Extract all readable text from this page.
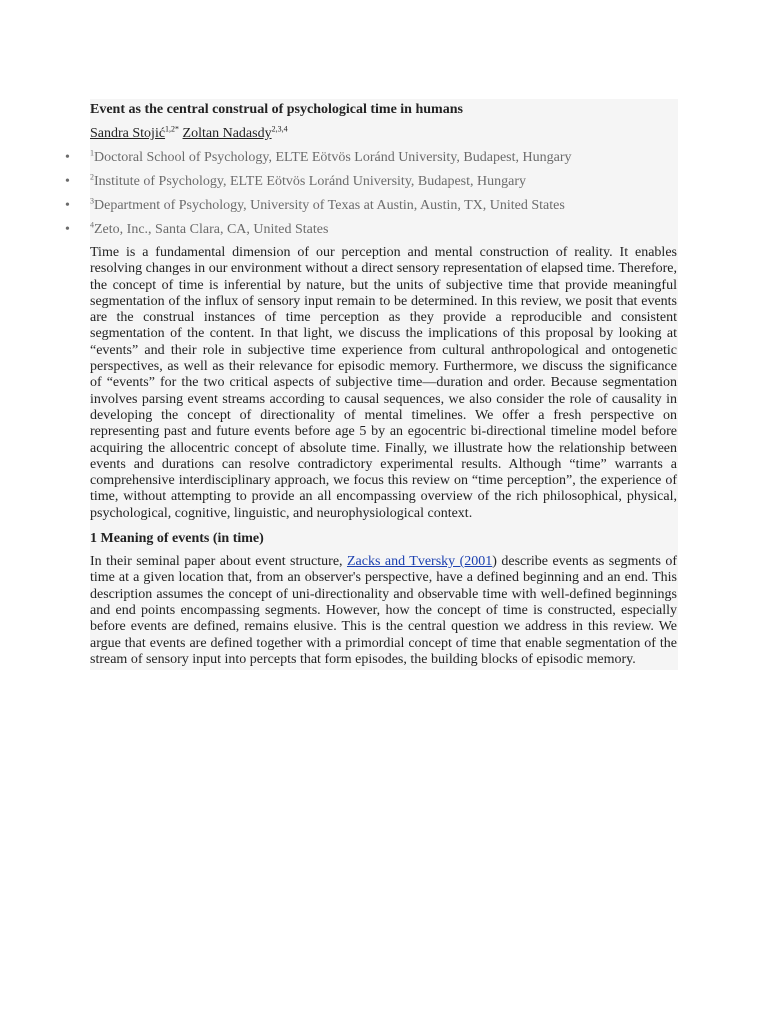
Event as the central construal of psychological time in humans
Sandra Stojić$^{1,2*}$ Zoltan Nadasdy$^{2,3,4}$
•	$^1$Doctoral School of Psychology, ELTE Eötvös Loránd University, Budapest, Hungary
•	$^2$Institute of Psychology, ELTE Eötvös Loránd University, Budapest, Hungary
•	$^3$Department of Psychology, University of Texas at Austin, Austin, TX, United States
•	$^4$Zeto, Inc., Santa Clara, CA, United States

Time is a fundamental dimension of our perception and mental construction of reality. It enables resolving changes in our environment without a direct sensory representation of elapsed time. Therefore, the concept of time is inferential by nature, but the units of subjective time that provide meaningful segmentation of the influx of sensory input remain to be determined. In this review, we posit that events are the construal instances of time perception as they provide a reproducible and consistent segmentation of the content. In that light, we discuss the implications of this proposal by looking at “events” and their role in subjective time experience from cultural anthropological and ontogenetic perspectives, as well as their relevance for episodic memory. Furthermore, we discuss the significance of “events” for the two critical aspects of subjective time—duration and order. Because segmentation involves parsing event streams according to causal sequences, we also consider the role of causality in developing the concept of directionality of mental timelines. We offer a fresh perspective on representing past and future events before age 5 by an egocentric bi-directional timeline model before acquiring the allocentric concept of absolute time. Finally, we illustrate how the relationship between events and durations can resolve contradictory experimental results. Although “time” warrants a comprehensive interdisciplinary approach, we focus this review on “time perception”, the experience of time, without attempting to provide an all encompassing overview of the rich philosophical, physical, psychological, cognitive, linguistic, and neurophysiological context.

1 Meaning of events (in time)

In their seminal paper about event structure, Zacks and Tversky (2001) describe events as segments of time at a given location that, from an observer's perspective, have a defined beginning and an end. This description assumes the concept of uni-directionality and observable time with well-defined beginnings and end points encompassing segments. However, how the concept of time is constructed, especially before events are defined, remains elusive. This is the central question we address in this review. We argue that events are defined together with a primordial concept of time that enable segmentation of the stream of sensory input into percepts that form episodes, the building blocks of episodic memory.
